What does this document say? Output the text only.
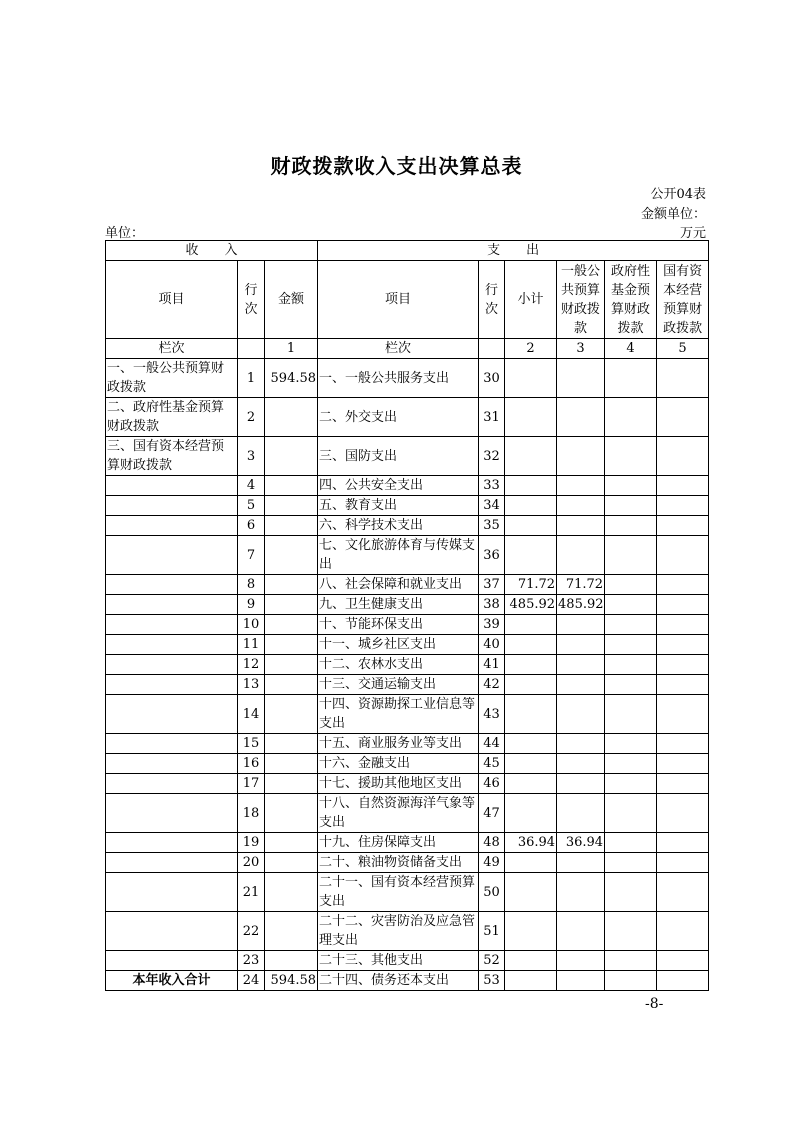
财政拨款收入支出决算总表
公开04表
金额单位：
单位：	万元
收　　入			支　　出					
项目	行次	金额	项目	行次	小计	一般公共预算财政拨款	政府性基金预算财政拨款	国有资本经营预算财政拨款
栏次		1	栏次		2	3	4	5
一、一般公共预算财政拨款	1	594.58	一、一般公共服务支出	30				
二、政府性基金预算财政拨款	2		二、外交支出	31				
三、国有资本经营预算财政拨款	3		三、国防支出	32				
	4		四、公共安全支出	33				
	5		五、教育支出	34				
	6		六、科学技术支出	35				
	7		七、文化旅游体育与传媒支出	36				
	8		八、社会保障和就业支出	37	71.72	71.72		
	9		九、卫生健康支出	38	485.92	485.92		
	10		十、节能环保支出	39				
	11		十一、城乡社区支出	40				
	12		十二、农林水支出	41				
	13		十三、交通运输支出	42				
	14		十四、资源勘探工业信息等支出	43				
	15		十五、商业服务业等支出	44				
	16		十六、金融支出	45				
	17		十七、援助其他地区支出	46				
	18		十八、自然资源海洋气象等支出	47				
	19		十九、住房保障支出	48	36.94	36.94		
	20		二十、粮油物资储备支出	49				
	21		二十一、国有资本经营预算支出	50				
	22		二十二、灾害防治及应急管理支出	51				
	23		二十三、其他支出	52				
本年收入合计	24	594.58	二十四、债务还本支出	53				
-8-
